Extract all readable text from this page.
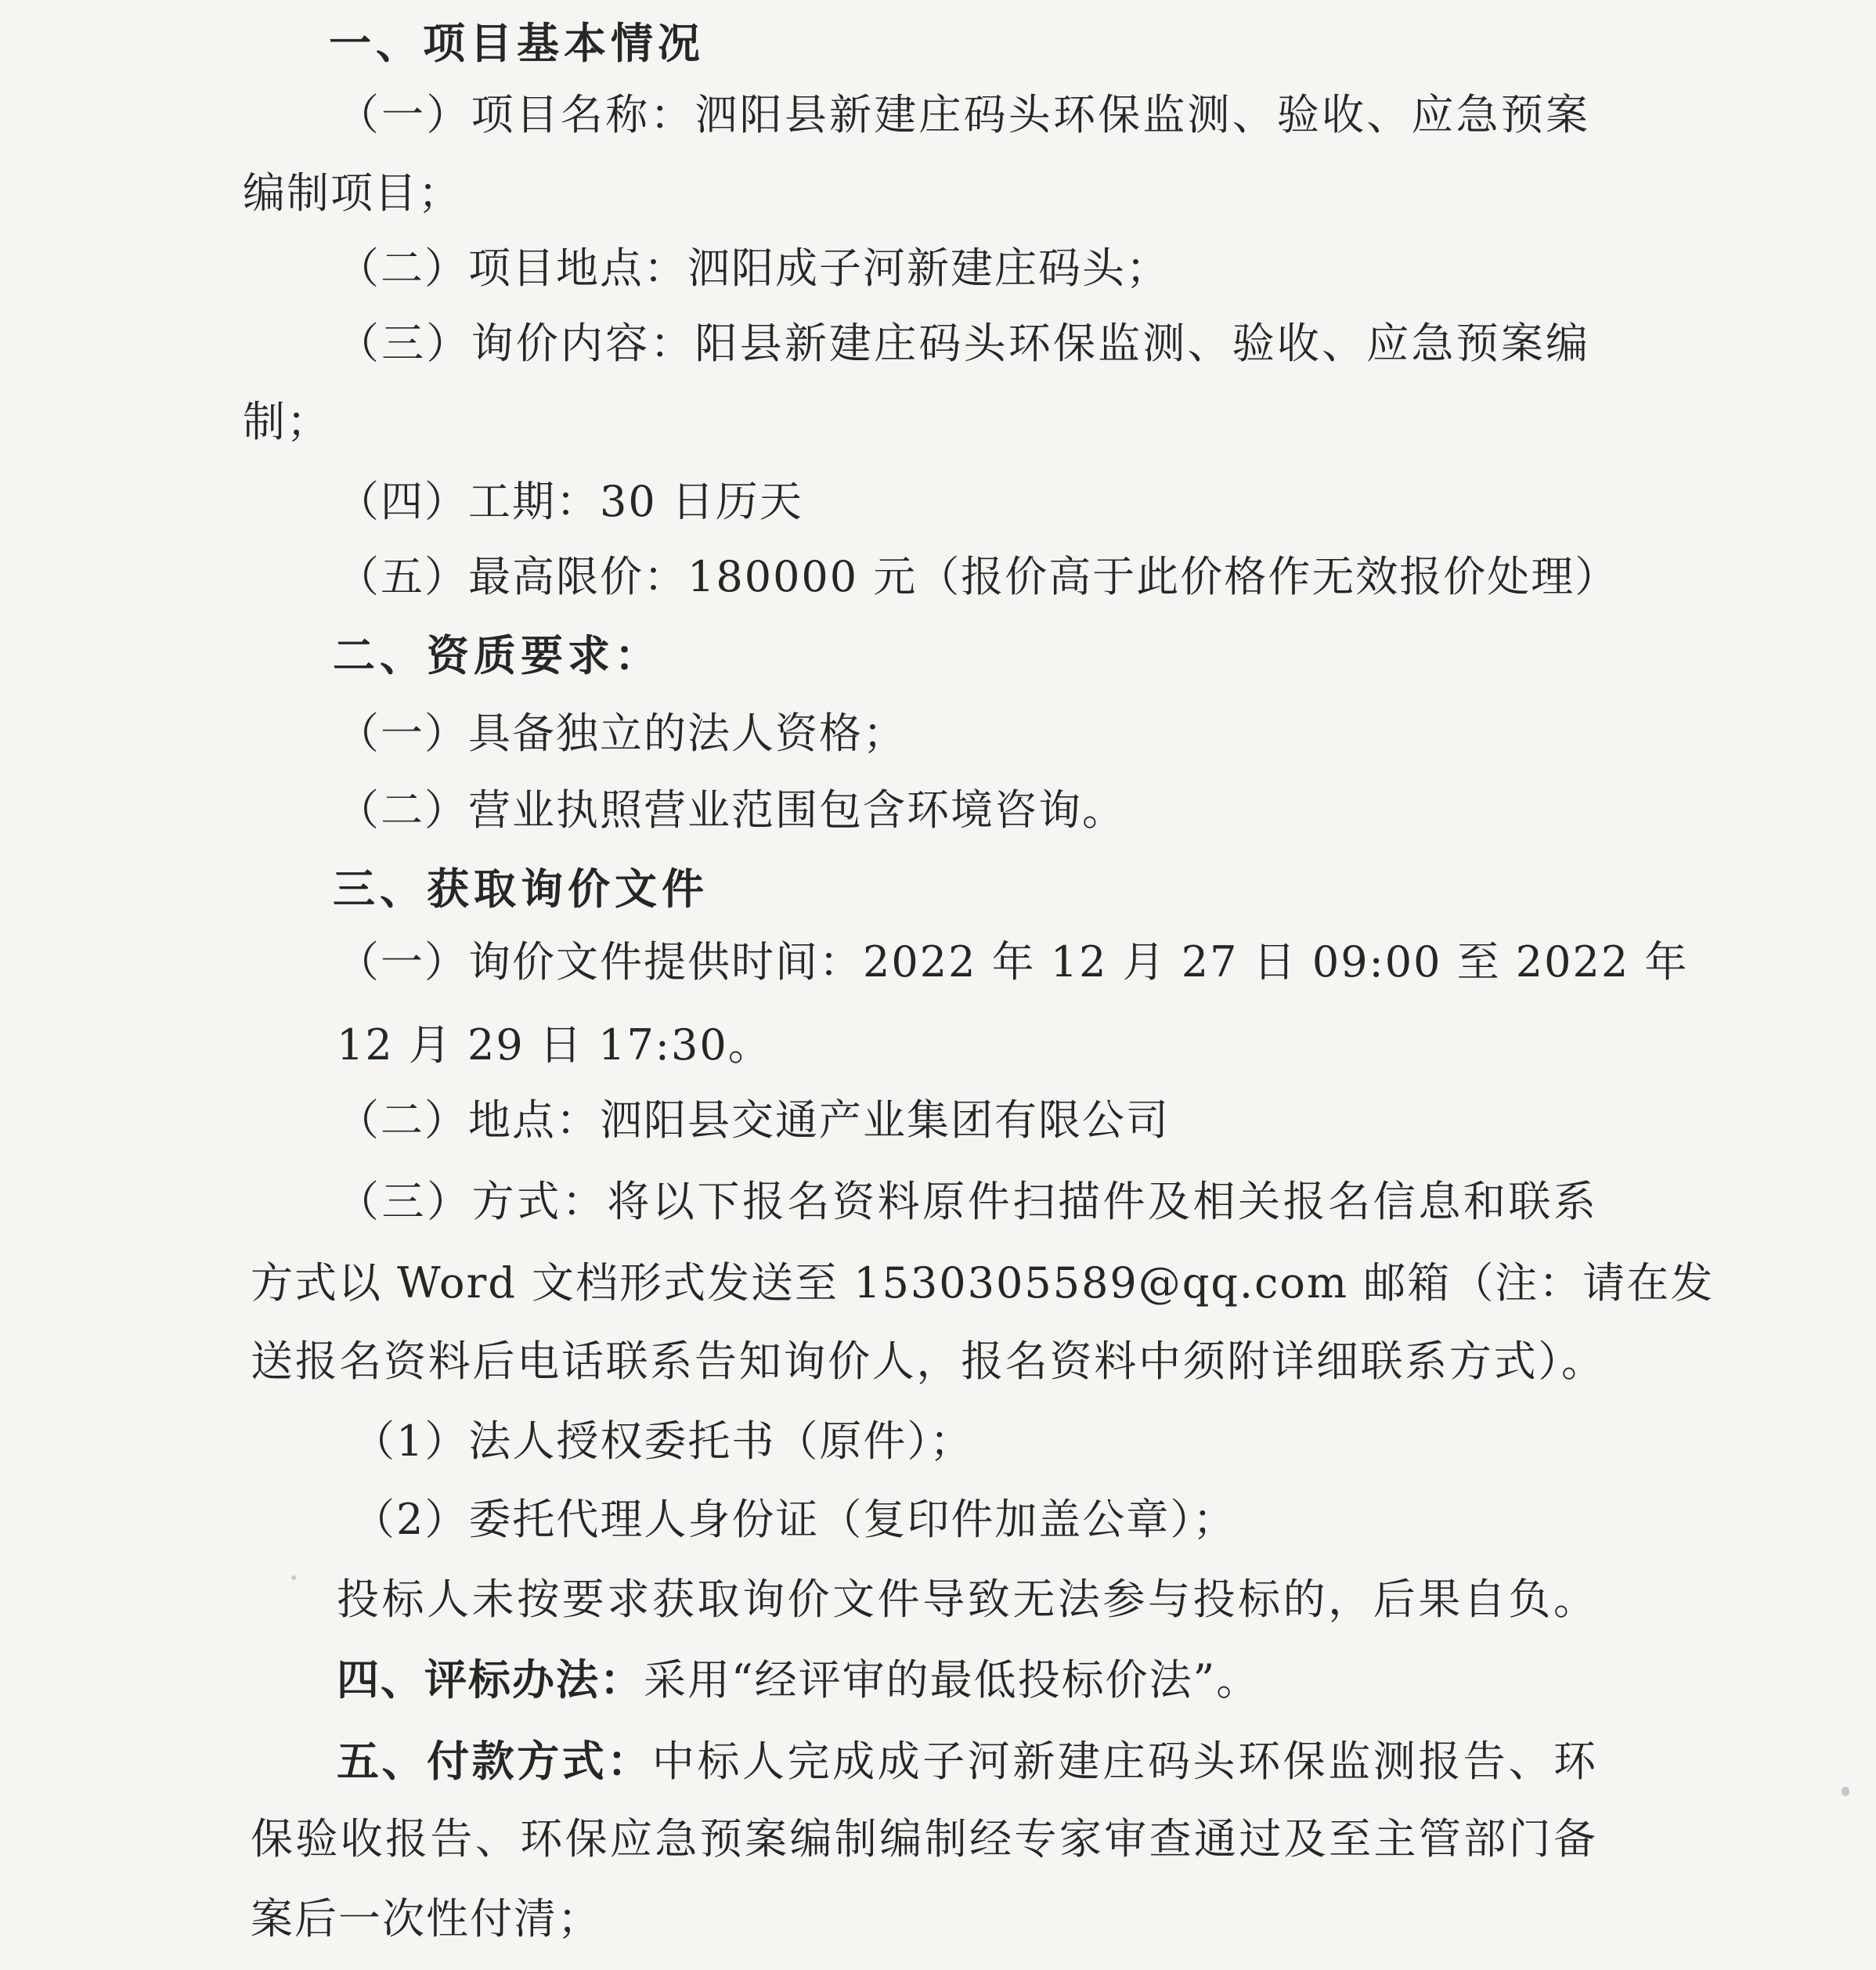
一、项目基本情况

（一）项目名称：泗阳县新建庄码头环保监测、验收、应急预案

编制项目；

（二）项目地点：泗阳成子河新建庄码头；

（三）询价内容：阳县新建庄码头环保监测、验收、应急预案编

制；

（四）工期：30 日历天

（五）最高限价：180000 元（报价高于此价格作无效报价处理）

二、资质要求：

（一）具备独立的法人资格；

（二）营业执照营业范围包含环境咨询。

三、获取询价文件

（一）询价文件提供时间：2022 年 12 月 27 日 09:00 至 2022 年

12 月 29 日 17:30。

（二）地点：泗阳县交通产业集团有限公司

（三）方式：将以下报名资料原件扫描件及相关报名信息和联系

方式以 Word 文档形式发送至 1530305589@qq.com 邮箱（注：请在发

送报名资料后电话联系告知询价人，报名资料中须附详细联系方式）。

（1）法人授权委托书（原件）；

（2）委托代理人身份证（复印件加盖公章）；

投标人未按要求获取询价文件导致无法参与投标的，后果自负。

四、评标办法：采用“经评审的最低投标价法”。

五、付款方式：中标人完成成子河新建庄码头环保监测报告、环

保验收报告、环保应急预案编制编制经专家审查通过及至主管部门备

案后一次性付清；
